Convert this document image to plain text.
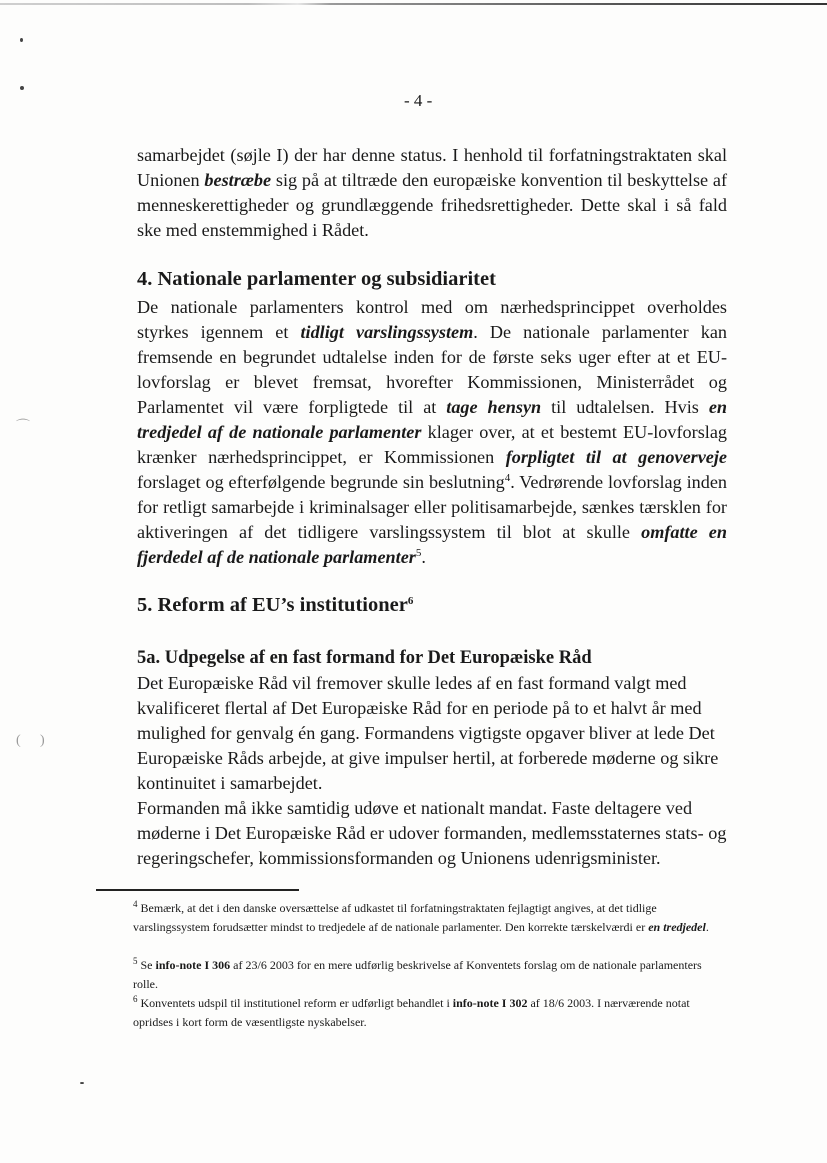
⌒
( )
- 4 -

samarbejdet (søjle I) der har denne status. I henhold til forfatningstraktaten skal Unionen bestræbe sig på at tiltræde den europæiske konvention til beskyttelse af menneskerettigheder og grundlæggende frihedsrettigheder. Dette skal i så fald ske med enstemmighed i Rådet.

4. Nationale parlamenter og subsidiaritet

De nationale parlamenters kontrol med om nærhedsprincippet overholdes styrkes igennem et tidligt varslingssystem. De nationale parlamenter kan fremsende en begrundet udtalelse inden for de første seks uger efter at et EU-lovforslag er blevet fremsat, hvorefter Kommissionen, Ministerrådet og Parlamentet vil være forpligtede til at tage hensyn til udtalelsen. Hvis en tredjedel af de nationale parlamenter klager over, at et bestemt EU-lovforslag krænker nærhedsprincippet, er Kommissionen forpligtet til at genoverveje forslaget og efterfølgende begrunde sin beslutning$^4$. Vedrørende lovforslag inden for retligt samarbejde i kriminalsager eller politisamarbejde, sænkes tærsklen for aktiveringen af det tidligere varslingssystem til blot at skulle omfatte en fjerdedel af de nationale parlamenter$^5$.

5. Reform af EU’s institutioner$^6$
5a. Udpegelse af en fast formand for Det Europæiske Råd

Det Europæiske Råd vil fremover skulle ledes af en fast formand valgt med kvalificeret flertal af Det Europæiske Råd for en periode på to et halvt år med mulighed for genvalg én gang. Formandens vigtigste opgaver bliver at lede Det Europæiske Råds arbejde, at give impulser hertil, at forberede møderne og sikre kontinuitet i samarbejdet.

Formanden må ikke samtidig udøve et nationalt mandat. Faste deltagere ved møderne i Det Europæiske Råd er udover formanden, medlemsstaternes stats- og regeringschefer, kommissionsformanden og Unionens udenrigsminister.

$^4$ Bemærk, at det i den danske oversættelse af udkastet til forfatningstraktaten fejlagtigt angives, at det tidlige varslingssystem forudsætter mindst to tredjedele af de nationale parlamenter. Den korrekte tærskelværdi er en tredjedel.
$^5$ Se info-note I 306 af 23/6 2003 for en mere udførlig beskrivelse af Konventets forslag om de nationale parlamenters rolle.
$^6$ Konventets udspil til institutionel reform er udførligt behandlet i info-note I 302 af 18/6 2003. I nærværende notat opridses i kort form de væsentligste nyskabelser.
